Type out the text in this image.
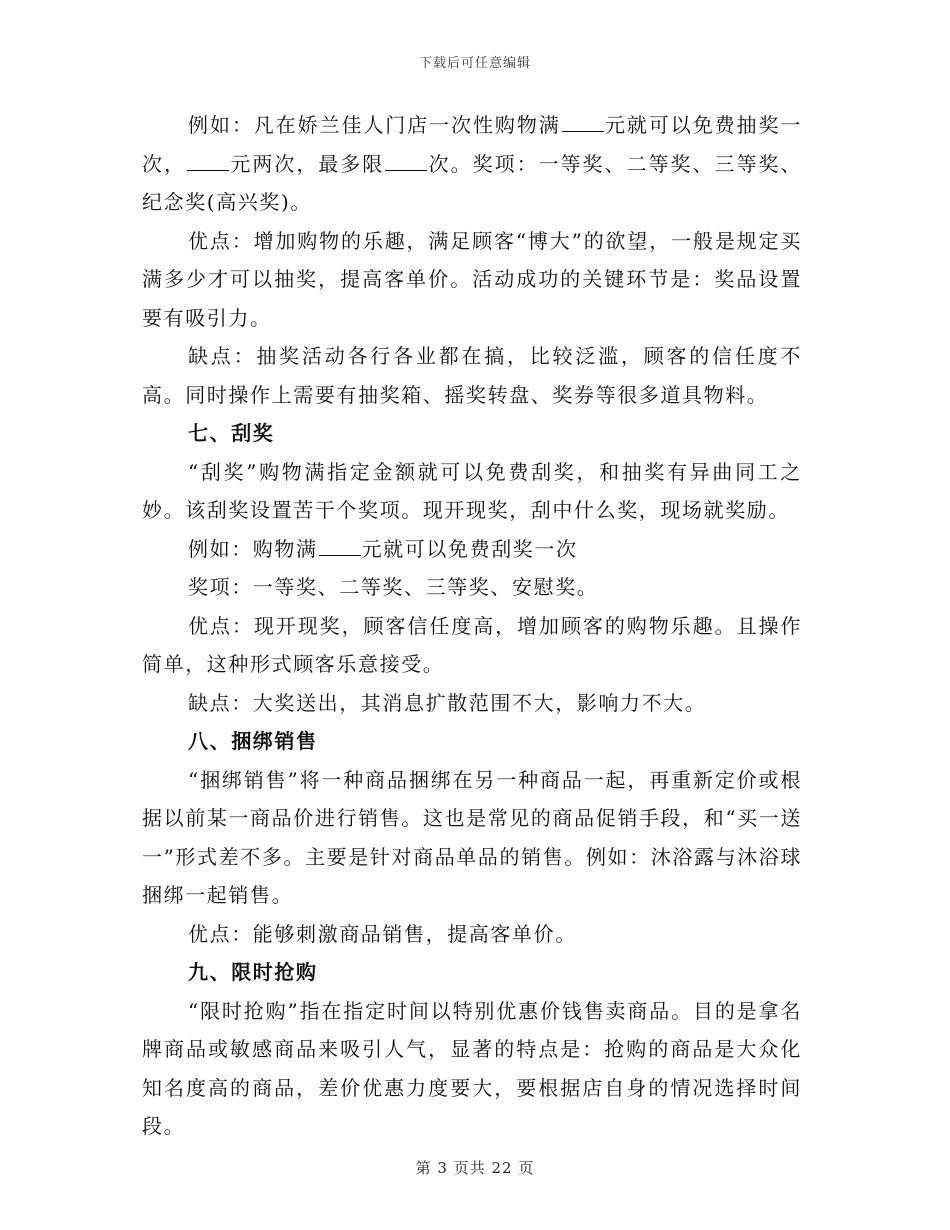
下载后可任意编辑
例如：凡在娇兰佳人门店一次性购物满 元就可以免费抽奖一次， 元两次，最多限 次。奖项：一等奖、二等奖、三等奖、纪念奖(高兴奖)。
优点：增加购物的乐趣，满足顾客“博大”的欲望，一般是规定买满多少才可以抽奖，提高客单价。活动成功的关键环节是：奖品设置要有吸引力。
缺点：抽奖活动各行各业都在搞，比较泛滥，顾客的信任度不高。同时操作上需要有抽奖箱、摇奖转盘、奖券等很多道具物料。
七、刮奖
“刮奖”购物满指定金额就可以免费刮奖，和抽奖有异曲同工之妙。该刮奖设置苦干个奖项。现开现奖，刮中什么奖，现场就奖励。
例如：购物满 元就可以免费刮奖一次
奖项：一等奖、二等奖、三等奖、安慰奖。
优点：现开现奖，顾客信任度高，增加顾客的购物乐趣。且操作简单，这种形式顾客乐意接受。
缺点：大奖送出，其消息扩散范围不大，影响力不大。
八、捆绑销售
“捆绑销售”将一种商品捆绑在另一种商品一起，再重新定价或根据以前某一商品价进行销售。这也是常见的商品促销手段，和“买一送一”形式差不多。主要是针对商品单品的销售。例如：沐浴露与沐浴球捆绑一起销售。
优点：能够刺激商品销售，提高客单价。
九、限时抢购
“限时抢购”指在指定时间以特别优惠价钱售卖商品。目的是拿名牌商品或敏感商品来吸引人气，显著的特点是：抢购的商品是大众化知名度高的商品，差价优惠力度要大，要根据店自身的情况选择时间段。
第 3 页共 22 页
